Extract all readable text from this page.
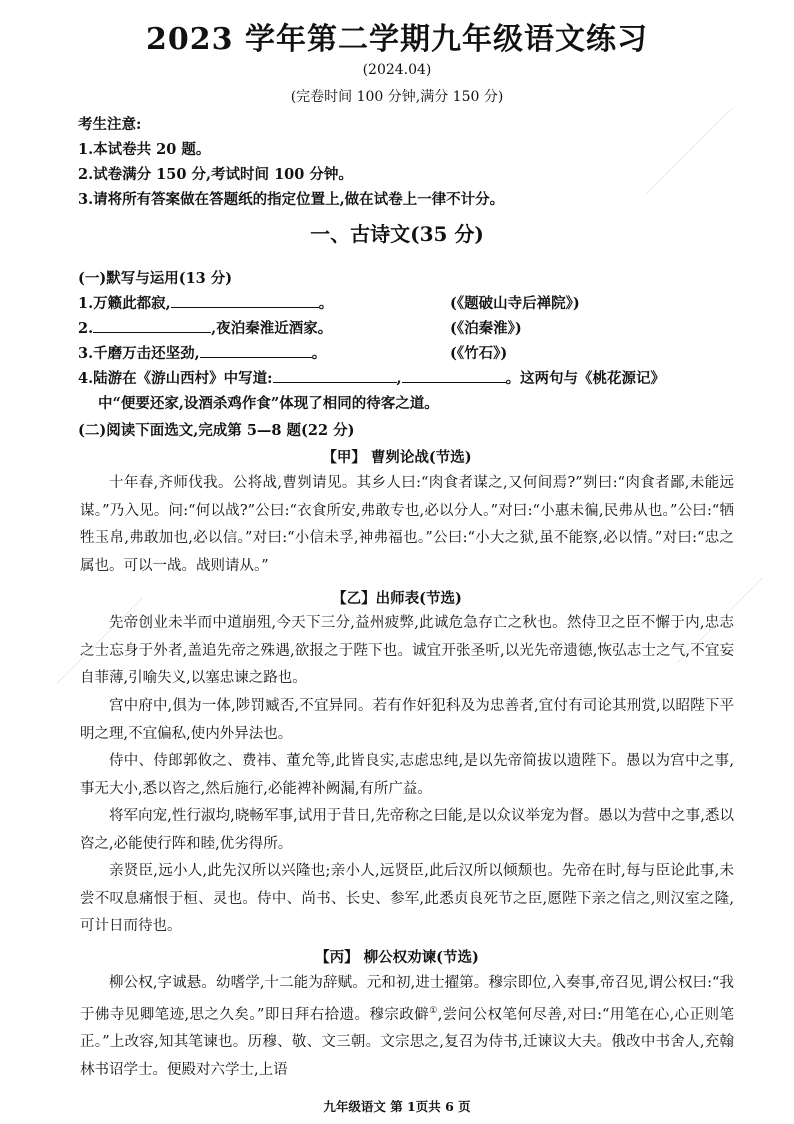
2023 学年第二学期九年级语文练习
(2024.04)
(完卷时间 100 分钟,满分 150 分)
考生注意:
1.本试卷共 20 题。
2.试卷满分 150 分,考试时间 100 分钟。
3.请将所有答案做在答题纸的指定位置上,做在试卷上一律不计分。
一、古诗文(35 分)
(一)默写与运用(13 分)
1.万籁此都寂,	。	(《题破山寺后禅院》)
2.	,夜泊秦淮近酒家。	(《泊秦淮》)
3.千磨万击还坚劲,	。	(《竹石》)
4.陆游在《游山西村》中写道:	,	。这两句与《桃花源记》
中“便要还家,设酒杀鸡作食”体现了相同的待客之道。
(二)阅读下面选文,完成第 5—8 题(22 分)
【甲】 曹刿论战(节选)
十年春,齐师伐我。公将战,曹刿请见。其乡人曰:“肉食者谋之,又何间焉?”刿曰:“肉食者鄙,未能远谋。”乃入见。问:“何以战?”公曰:“衣食所安,弗敢专也,必以分人。”对曰:“小惠未徧,民弗从也。”公曰:“牺牲玉帛,弗敢加也,必以信。”对曰:“小信未孚,神弗福也。”公曰:“小大之狱,虽不能察,必以情。”对曰:“忠之属也。可以一战。战则请从。”
【乙】出师表(节选)
先帝创业未半而中道崩殂,今天下三分,益州疲弊,此诚危急存亡之秋也。然侍卫之臣不懈于内,忠志之士忘身于外者,盖追先帝之殊遇,欲报之于陛下也。诚宜开张圣听,以光先帝遗德,恢弘志士之气,不宜妄自菲薄,引喻失义,以塞忠谏之路也。
宫中府中,俱为一体,陟罚臧否,不宜异同。若有作奸犯科及为忠善者,宜付有司论其刑赏,以昭陛下平明之理,不宜偏私,使内外异法也。
侍中、侍郎郭攸之、费祎、董允等,此皆良实,志虑忠纯,是以先帝简拔以遗陛下。愚以为宫中之事,事无大小,悉以咨之,然后施行,必能裨补阙漏,有所广益。
将军向宠,性行淑均,晓畅军事,试用于昔日,先帝称之曰能,是以众议举宠为督。愚以为营中之事,悉以咨之,必能使行阵和睦,优劣得所。
亲贤臣,远小人,此先汉所以兴隆也;亲小人,远贤臣,此后汉所以倾颓也。先帝在时,每与臣论此事,未尝不叹息痛恨于桓、灵也。侍中、尚书、长史、参军,此悉贞良死节之臣,愿陛下亲之信之,则汉室之隆,可计日而待也。
【丙】 柳公权劝谏(节选)
柳公权,字诚悬。幼嗜学,十二能为辞赋。元和初,进士擢第。穆宗即位,入奏事,帝召见,谓公权曰:“我于佛寺见卿笔迹,思之久矣。”即日拜右拾遗。穆宗政僻①,尝问公权笔何尽善,对曰:“用笔在心,心正则笔正。”上改容,知其笔谏也。历穆、敬、文三朝。文宗思之,复召为侍书,迁谏议大夫。俄改中书舍人,充翰林书诏学士。便殿对六学士,上语
九年级语文 第 1页共 6 页
